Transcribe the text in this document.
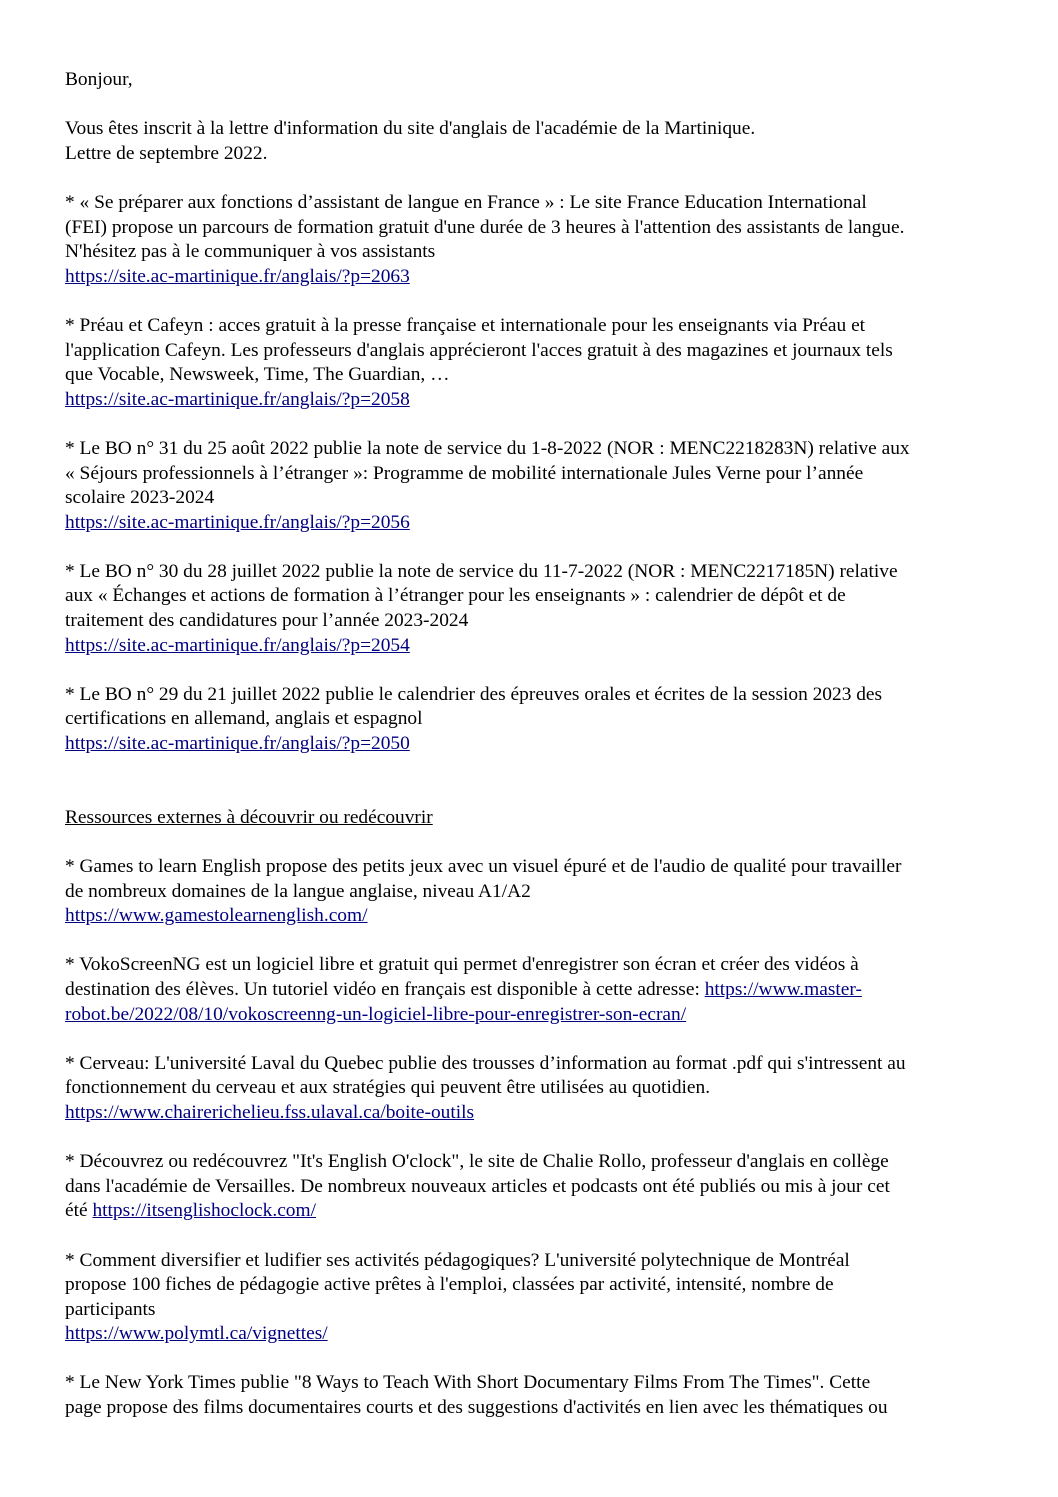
Bonjour,
Vous êtes inscrit à la lettre d'information du site d'anglais de l'académie de la Martinique.
Lettre de septembre 2022.
* « Se préparer aux fonctions d’assistant de langue en France » : Le site France Education International
(FEI) propose un parcours de formation gratuit d'une durée de 3 heures à l'attention des assistants de langue.
N'hésitez pas à le communiquer à vos assistants
https://site.ac-martinique.fr/anglais/?p=2063
* Préau et Cafeyn : acces gratuit à la presse française et internationale pour les enseignants via Préau et
l'application Cafeyn. Les professeurs d'anglais apprécieront l'acces gratuit à des magazines et journaux tels
que Vocable, Newsweek, Time, The Guardian, …
https://site.ac-martinique.fr/anglais/?p=2058
* Le BO n° 31 du 25 août 2022 publie la note de service du 1-8-2022 (NOR : MENC2218283N) relative aux
« Séjours professionnels à l’étranger »: Programme de mobilité internationale Jules Verne pour l’année
scolaire 2023-2024
https://site.ac-martinique.fr/anglais/?p=2056
* Le BO n° 30 du 28 juillet 2022 publie la note de service du 11-7-2022 (NOR : MENC2217185N) relative
aux « Échanges et actions de formation à l’étranger pour les enseignants » : calendrier de dépôt et de
traitement des candidatures pour l’année 2023-2024
https://site.ac-martinique.fr/anglais/?p=2054
* Le BO n° 29 du 21 juillet 2022 publie le calendrier des épreuves orales et écrites de la session 2023 des
certifications en allemand, anglais et espagnol
https://site.ac-martinique.fr/anglais/?p=2050
Ressources externes à découvrir ou redécouvrir
* Games to learn English propose des petits jeux avec un visuel épuré et de l'audio de qualité pour travailler
de nombreux domaines de la langue anglaise, niveau A1/A2
https://www.gamestolearnenglish.com/
* VokoScreenNG est un logiciel libre et gratuit qui permet d'enregistrer son écran et créer des vidéos à
destination des élèves. Un tutoriel vidéo en français est disponible à cette adresse: https://www.master-
robot.be/2022/08/10/vokoscreenng-un-logiciel-libre-pour-enregistrer-son-ecran/
* Cerveau: L'université Laval du Quebec publie des trousses d’information au format .pdf qui s'intressent au
fonctionnement du cerveau et aux stratégies qui peuvent être utilisées au quotidien.
https://www.chairerichelieu.fss.ulaval.ca/boite-outils
* Découvrez ou redécouvrez "It's English O'clock", le site de Chalie Rollo, professeur d'anglais en collège
dans l'académie de Versailles. De nombreux nouveaux articles et podcasts ont été publiés ou mis à jour cet
été https://itsenglishoclock.com/
* Comment diversifier et ludifier ses activités pédagogiques? L'université polytechnique de Montréal
propose 100 fiches de pédagogie active prêtes à l'emploi, classées par activité, intensité, nombre de
participants
https://www.polymtl.ca/vignettes/
* Le New York Times publie "8 Ways to Teach With Short Documentary Films From The Times". Cette
page propose des films documentaires courts et des suggestions d'activités en lien avec les thématiques ou
